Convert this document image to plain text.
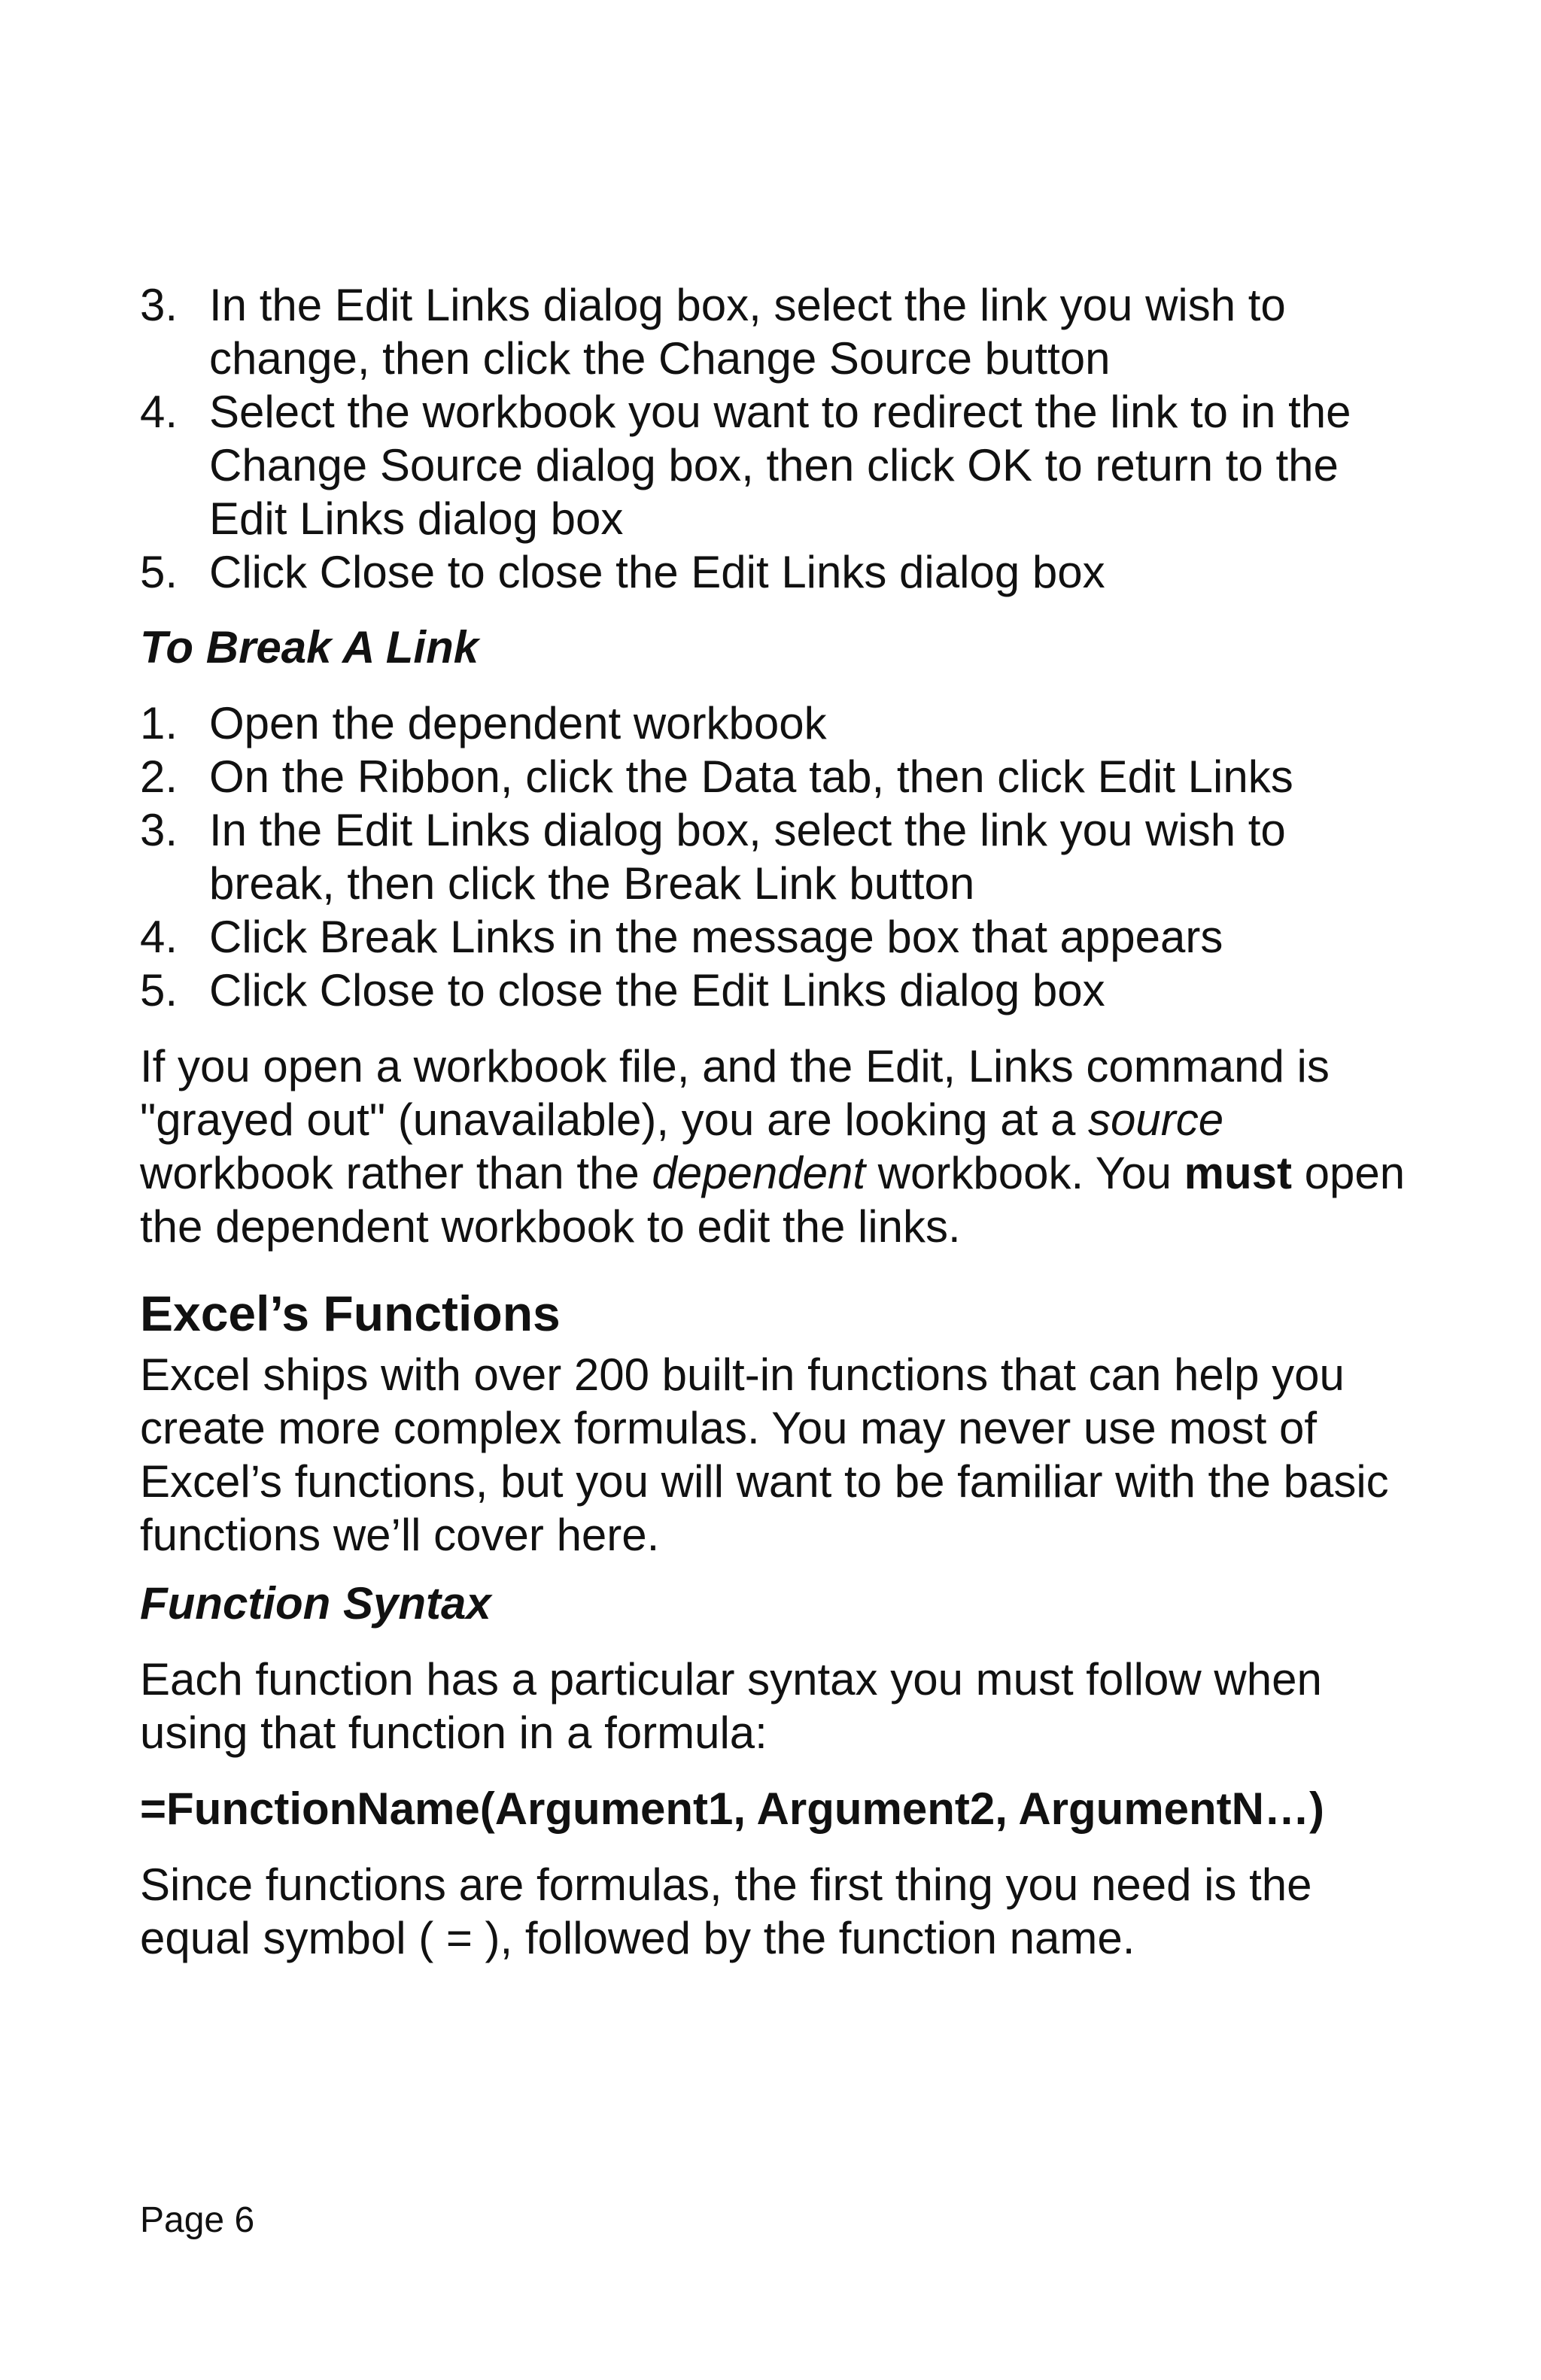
3. In the Edit Links dialog box, select the link you wish to change, then click the Change Source button
4. Select the workbook you want to redirect the link to in the Change Source dialog box, then click OK to return to the Edit Links dialog box
5. Click Close to close the Edit Links dialog box

To Break A Link

1. Open the dependent workbook
2. On the Ribbon, click the Data tab, then click Edit Links
3. In the Edit Links dialog box, select the link you wish to break, then click the Break Link button
4. Click Break Links in the message box that appears
5. Click Close to close the Edit Links dialog box

If you open a workbook file, and the Edit, Links command is "grayed out" (unavailable), you are looking at a source workbook rather than the dependent workbook. You must open the dependent workbook to edit the links.

Excel’s Functions

Excel ships with over 200 built-in functions that can help you create more complex formulas. You may never use most of Excel’s functions, but you will want to be familiar with the basic functions we’ll cover here.

Function Syntax

Each function has a particular syntax you must follow when using that function in a formula:

=FunctionName(Argument1, Argument2, ArgumentN…)

Since functions are formulas, the first thing you need is the equal symbol ( = ), followed by the function name.

Page 6
